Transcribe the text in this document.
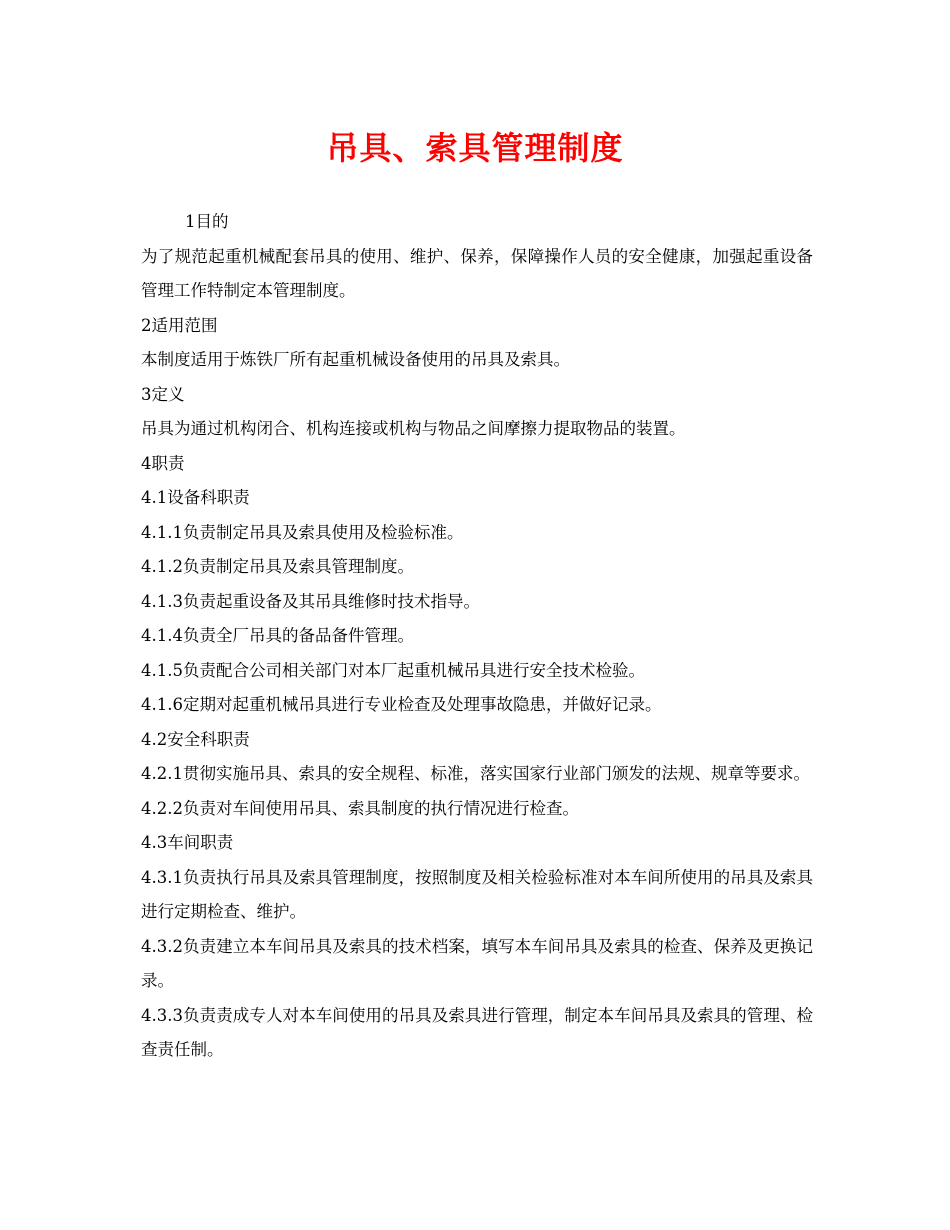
吊具、索具管理制度

1目的

为了规范起重机械配套吊具的使用、维护、保养，保障操作人员的安全健康，加强起重设备管理工作特制定本管理制度。

2适用范围

本制度适用于炼铁厂所有起重机械设备使用的吊具及索具。

3定义

吊具为通过机构闭合、机构连接或机构与物品之间摩擦力提取物品的装置。

4职责

4.1设备科职责

4.1.1负责制定吊具及索具使用及检验标准。

4.1.2负责制定吊具及索具管理制度。

4.1.3负责起重设备及其吊具维修时技术指导。

4.1.4负责全厂吊具的备品备件管理。

4.1.5负责配合公司相关部门对本厂起重机械吊具进行安全技术检验。

4.1.6定期对起重机械吊具进行专业检查及处理事故隐患，并做好记录。

4.2安全科职责

4.2.1贯彻实施吊具、索具的安全规程、标准，落实国家行业部门颁发的法规、规章等要求。

4.2.2负责对车间使用吊具、索具制度的执行情况进行检查。

4.3车间职责

4.3.1负责执行吊具及索具管理制度，按照制度及相关检验标准对本车间所使用的吊具及索具进行定期检查、维护。

4.3.2负责建立本车间吊具及索具的技术档案，填写本车间吊具及索具的检查、保养及更换记录。

4.3.3负责责成专人对本车间使用的吊具及索具进行管理，制定本车间吊具及索具的管理、检查责任制。
